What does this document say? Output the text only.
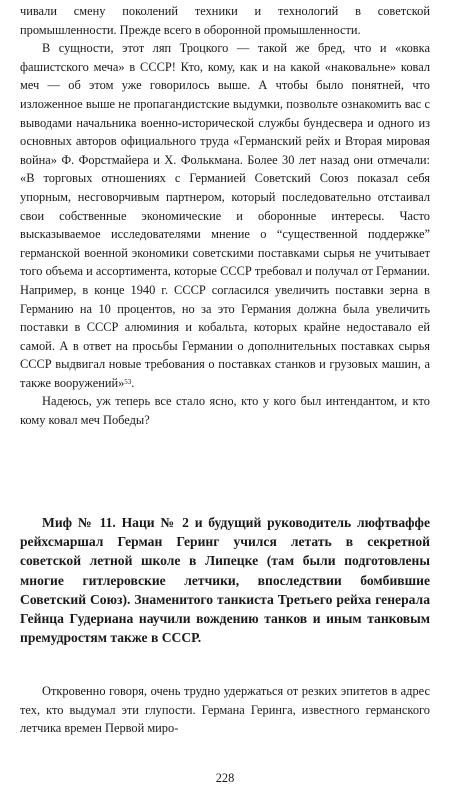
чивали смену поколений техники и технологий в советской промышленности. Прежде всего в оборонной промышленности.

В сущности, этот ляп Троцкого — такой же бред, что и «ковка фашистского меча» в СССР! Кто, кому, как и на какой «наковальне» ковал меч — об этом уже говорилось выше. А чтобы было понятней, что изложенное выше не пропагандистские выдумки, позвольте ознакомить вас с выводами начальника военно-исторической службы бундесвера и одного из основных авторов официального труда «Германский рейх и Вторая мировая война» Ф. Форстмайера и Х. Фолькмана. Более 30 лет назад они отмечали: «В торговых отношениях с Германией Советский Союз показал себя упорным, несговорчивым партнером, который последовательно отстаивал свои собственные экономические и оборонные интересы. Часто высказываемое исследователями мнение о “существенной поддержке” германской военной экономики советскими поставками сырья не учитывает того объема и ассортимента, которые СССР требовал и получал от Германии. Например, в конце 1940 г. СССР согласился увеличить поставки зерна в Германию на 10 процентов, но за это Германия должна была увеличить поставки в СССР алюминия и кобальта, которых крайне недоставало ей самой. А в ответ на просьбы Германии о дополнительных поставках сырья СССР выдвигал новые требования о поставках станков и грузовых машин, а также вооружений»$^{53}$.

Надеюсь, уж теперь все стало ясно, кто у кого был интендантом, и кто кому ковал меч Победы?

Миф № 11. Наци № 2 и будущий руководитель люфтваффе рейхсмаршал Герман Геринг учился летать в секретной советской летной школе в Липецке (там были подготовлены многие гитлеровские летчики, впоследствии бомбившие Советский Союз). Знаменитого танкиста Третьего рейха генерала Гейнца Гудериана научили вождению танков и иным танковым премудростям также в СССР.

Откровенно говоря, очень трудно удержаться от резких эпитетов в адрес тех, кто выдумал эти глупости. Германа Геринга, известного германского летчика времен Первой миро-

228
